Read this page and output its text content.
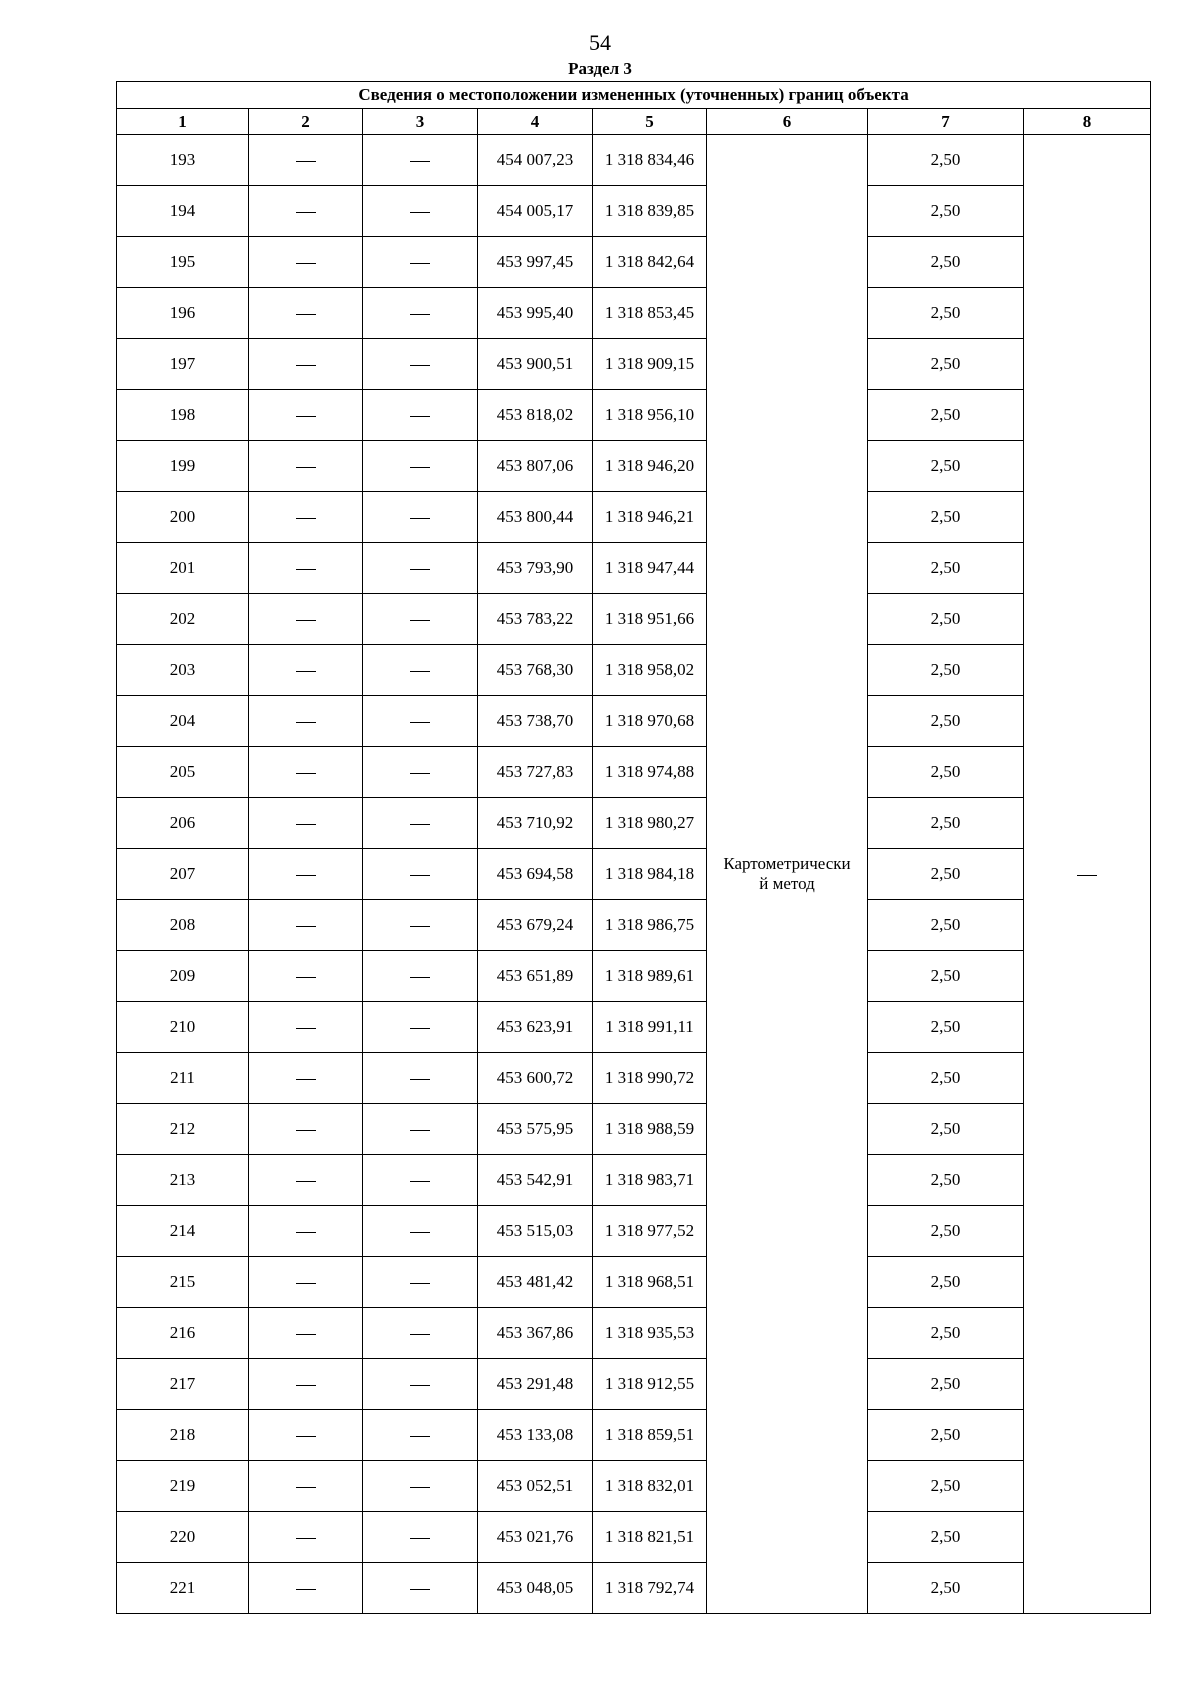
54
Раздел 3
Сведения о местоположении измененных (уточненных) границ объекта							
1	2	3	4	5	6	7	8
193			454 007,23	1 318 834,46	Картометрически
й метод	2,50	
194			454 005,17	1 318 839,85		2,50	
195			453 997,45	1 318 842,64		2,50	
196			453 995,40	1 318 853,45		2,50	
197			453 900,51	1 318 909,15		2,50	
198			453 818,02	1 318 956,10		2,50	
199			453 807,06	1 318 946,20		2,50	
200			453 800,44	1 318 946,21		2,50	
201			453 793,90	1 318 947,44		2,50	
202			453 783,22	1 318 951,66		2,50	
203			453 768,30	1 318 958,02		2,50	
204			453 738,70	1 318 970,68		2,50	
205			453 727,83	1 318 974,88		2,50	
206			453 710,92	1 318 980,27		2,50	
207			453 694,58	1 318 984,18		2,50	
208			453 679,24	1 318 986,75		2,50	
209			453 651,89	1 318 989,61		2,50	
210			453 623,91	1 318 991,11		2,50	
211			453 600,72	1 318 990,72		2,50	
212			453 575,95	1 318 988,59		2,50	
213			453 542,91	1 318 983,71		2,50	
214			453 515,03	1 318 977,52		2,50	
215			453 481,42	1 318 968,51		2,50	
216			453 367,86	1 318 935,53		2,50	
217			453 291,48	1 318 912,55		2,50	
218			453 133,08	1 318 859,51		2,50	
219			453 052,51	1 318 832,01		2,50	
220			453 021,76	1 318 821,51		2,50	
221			453 048,05	1 318 792,74		2,50	
